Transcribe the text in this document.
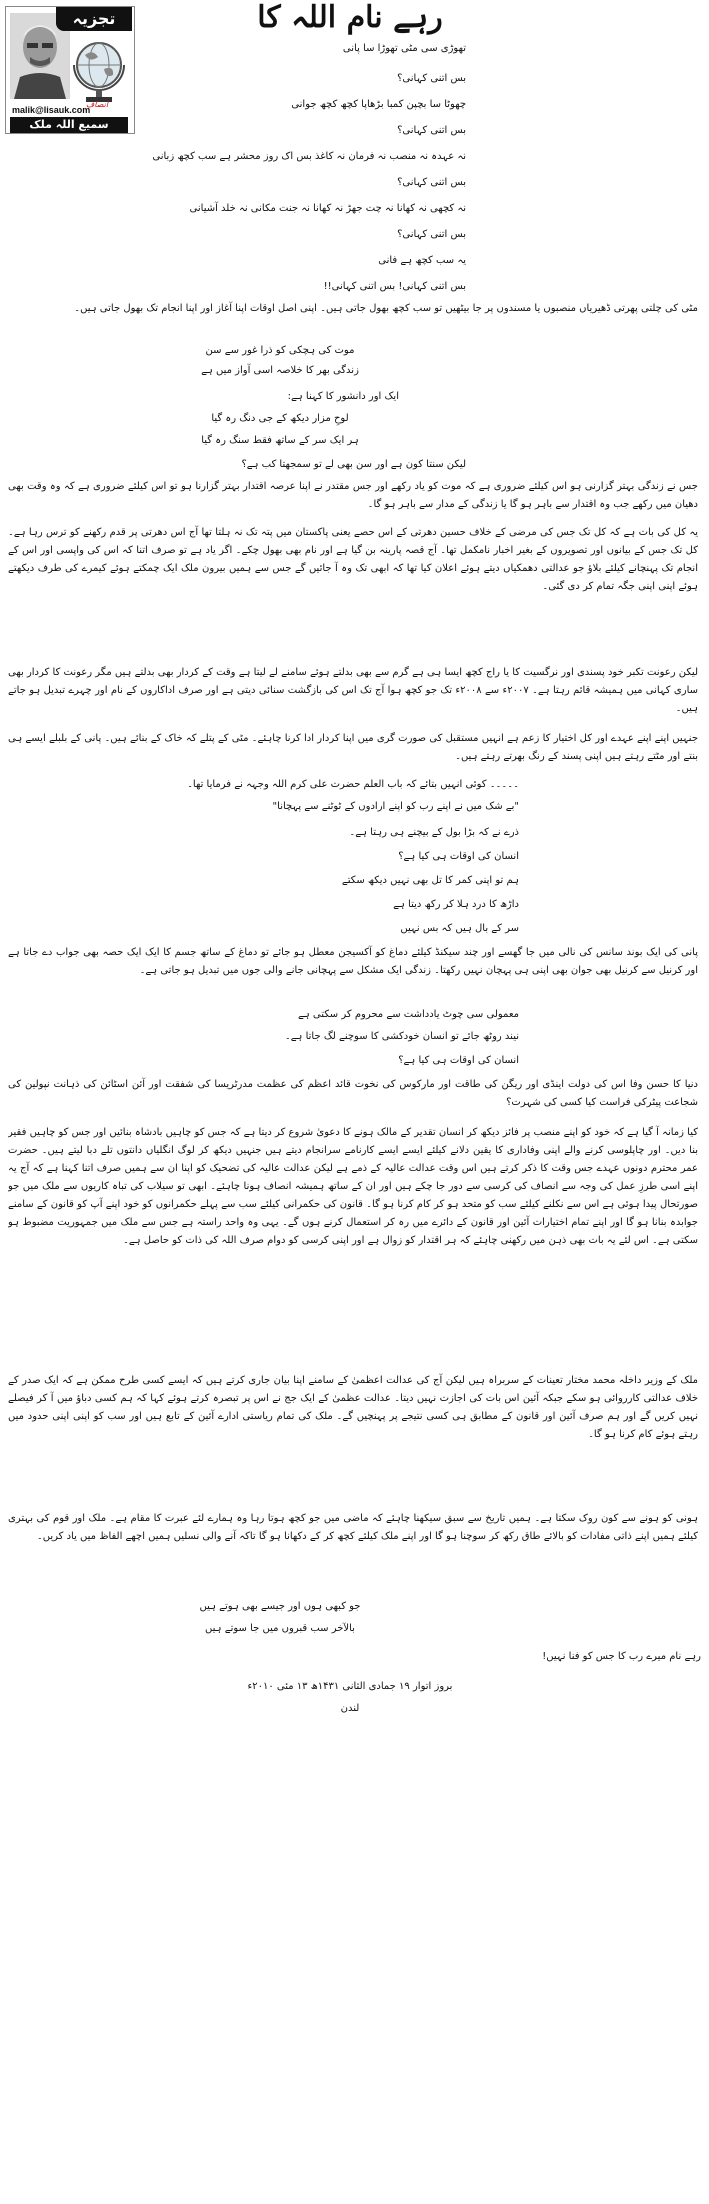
تجزیہ
انصاف
malik@lisauk.com
سمیع اللہ ملک
رہے نام اللہ کا
تھوڑی سی مٹی تھوڑا سا پانی
بس اتنی کہانی؟
چھوٹا سا بچپن کمبا بڑھاپا کچھ کچھ جوانی
بس اتنی کہانی؟
نہ عہدہ نہ منصب نہ فرمان نہ کاغذ بس اک روز محشر ہے سب کچھ زبانی
بس اتنی کہانی؟
نہ کچھی نہ کھانا نہ چت جھڑ نہ کھانا نہ جنت مکانی نہ خلد آشیانی
بس اتنی کہانی؟
یہ سب کچھ ہے فانی
بس اتنی کہانی! بس اتنی کہانی!!
مٹی کی چلتی پھرتی ڈھیریاں منصبوں یا مسندوں پر جا بیٹھیں تو سب کچھ بھول جاتی ہیں۔ اپنی اصل اوقات اپنا آغاز اور اپنا انجام تک بھول جاتی ہیں۔
موت کی ہچکی کو ذرا غور سے سن
زندگی بھر کا خلاصہ اسی آواز میں ہے
ایک اور دانشور کا کہنا ہے:
لوحِ مزار دیکھ کے جی دنگ رہ گیا
ہر ایک سر کے ساتھ فقط سنگ رہ گیا
لیکن سنتا کون ہے اور سن بھی لے تو سمجھتا کب ہے؟
جس نے زندگی بہتر گزارنی ہو اس کیلئے ضروری ہے کہ موت کو یاد رکھے اور جس مقتدر نے اپنا عرصہ اقتدار بہتر گزارنا ہو تو اس کیلئے ضروری ہے کہ وہ وقت بھی دھیان میں رکھے جب وہ اقتدار سے باہر ہو گا یا زندگی کے مدار سے باہر ہو گا۔
یہ کل کی بات ہے کہ کل تک جس کی مرضی کے خلاف حسین دھرتی کے اس حصے یعنی پاکستان میں پتہ تک نہ ہلتا تھا آج اس دھرتی پر قدم رکھنے کو ترس رہا ہے۔ کل تک جس کے بیانوں اور تصویروں کے بغیر اخبار نامکمل تھا۔ آج قصہ پارینہ بن گیا ہے اور نام بھی بھول چکے۔ اگر یاد ہے تو صرف اتنا کہ اس کی واپسی اور اس کے انجام تک پہنچانے کیلئے بلاؤ جو عدالتی دھمکیاں دیتے ہوئے اعلان کیا تھا کہ ابھی تک وہ آ جائیں گے جس سے ہمیں بیرون ملک ایک چمکتے ہوئے کیمرے کی طرف دیکھتے ہوئے اپنی اپنی جگہ تمام کر دی گئی۔
لیکن رعونت تکبر خود پسندی اور نرگسیت کا یا راج کچھ ایسا ہی ہے گرم سے بھی بدلتے ہوئے سامنے لے لیتا ہے وقت کے کردار بھی بدلتے ہیں مگر رعونت کا کردار بھی ساری کہانی میں ہمیشہ قائم رہتا ہے۔ ۲۰۰۷ء سے ۲۰۰۸ء تک جو کچھ ہوا آج تک اس کی بازگشت سنائی دیتی ہے اور صرف اداکاروں کے نام اور چہرے تبدیل ہو جاتے ہیں۔
جنہیں اپنے اپنے عہدے اور کل اختیار کا زعم ہے انہیں مستقبل کی صورت گری میں اپنا کردار ادا کرنا چاہئے۔ مٹی کے پتلے کہ خاک کے بنائے ہیں۔ پانی کے بلبلے ایسے ہی بنتے اور مٹتے رہتے ہیں اپنی پسند کے رنگ بھرتے رہتے ہیں۔
۔۔۔۔۔ کوئی انہیں بتائے کہ باب العلم حضرت علی کرم اللہ وجہہ نے فرمایا تھا۔
"بے شک میں نے اپنے رب کو اپنے ارادوں کے ٹوٹنے سے پہچانا"
ذرے نے کہ بڑا بول کے بیچنے ہی رہتا ہے۔
انسان کی اوقات ہی کیا ہے؟
ہم تو اپنی کمر کا تل بھی نہیں دیکھ سکتے
داڑھ کا درد ہلا کر رکھ دیتا ہے
سر کے بال ہیں کہ بس نہیں
پانی کی ایک بوند سانس کی نالی میں جا گھسے اور چند سیکنڈ کیلئے دماغ کو آکسیجن معطل ہو جائے تو دماغ کے ساتھ جسم کا ایک ایک حصہ بھی جواب دے جاتا ہے اور کرنیل سے کرنیل بھی جوان بھی اپنی ہی پہچان نہیں رکھتا۔ زندگی ایک مشکل سے پہچانی جانے والی جوں میں تبدیل ہو جاتی ہے۔
معمولی سی چوٹ یادداشت سے محروم کر سکتی ہے
نیند روٹھ جائے تو انسان خودکشی کا سوچنے لگ جاتا ہے۔
انسان کی اوقات ہی کیا ہے؟
دنیا کا حسن وفا اس کی دولت اینڈی اور ریگن کی طاقت اور مارکوس کی نخوت قائد اعظم کی عظمت مدرٹریسا کی شفقت اور آئن اسٹائن کی ذہانت نپولین کی شجاعت پیٹرکی فراست کیا کسی کی شہرت؟
کیا زمانہ آ گیا ہے کہ خود کو اپنے منصب پر فائز دیکھ کر انسان تقدیر کے مالک ہونے کا دعویٰ شروع کر دیتا ہے کہ جس کو چاہیں بادشاہ بنائیں اور جس کو چاہیں فقیر بنا دیں۔ اور چاپلوسی کرنے والے اپنی وفاداری کا یقین دلانے کیلئے ایسے ایسے کارنامے سرانجام دیتے ہیں جنہیں دیکھ کر لوگ انگلیاں دانتوں تلے دبا لیتے ہیں۔ حضرت عمر محترم دونوں عہدے جس وقت کا ذکر کرتے ہیں اس وقت عدالت عالیہ کے ذمے ہے لیکن عدالت عالیہ کی تضحیک کو اپنا ان سے ہمیں صرف اتنا کہنا ہے کہ آج یہ اپنے اسی طرزِ عمل کی وجہ سے انصاف کی کرسی سے دور جا چکے ہیں اور ان کے ساتھ ہمیشہ انصاف ہونا چاہئے۔ ابھی تو سیلاب کی تباہ کاریوں سے ملک میں جو صورتحال پیدا ہوئی ہے اس سے نکلنے کیلئے سب کو متحد ہو کر کام کرنا ہو گا۔ قانون کی حکمرانی کیلئے سب سے پہلے حکمرانوں کو خود اپنے آپ کو قانون کے سامنے جوابدہ بنانا ہو گا اور اپنے تمام اختیارات آئین اور قانون کے دائرے میں رہ کر استعمال کرنے ہوں گے۔ یہی وہ واحد راستہ ہے جس سے ملک میں جمہوریت مضبوط ہو سکتی ہے۔ اس لئے یہ بات بھی ذہن میں رکھنی چاہئے کہ ہر اقتدار کو زوال ہے اور اپنی کرسی کو دوام صرف اللہ کی ذات کو حاصل ہے۔
ملک کے وزیر داخلہ محمد مختار تعینات کے سربراہ ہیں لیکن آج کی عدالت اعظمیٰ کے سامنے اپنا بیان جاری کرتے ہیں کہ ایسے کسی طرح ممکن ہے کہ ایک صدر کے خلاف عدالتی کارروائی ہو سکے جبکہ آئین اس بات کی اجازت نہیں دیتا۔ عدالت عظمیٰ کے ایک جج نے اس پر تبصرہ کرتے ہوئے کہا کہ ہم کسی دباؤ میں آ کر فیصلے نہیں کریں گے اور ہم صرف آئین اور قانون کے مطابق ہی کسی نتیجے پر پہنچیں گے۔ ملک کی تمام ریاستی ادارے آئین کے تابع ہیں اور سب کو اپنی اپنی حدود میں رہتے ہوئے کام کرنا ہو گا۔
ہونی کو ہونے سے کون روک سکتا ہے۔ ہمیں تاریخ سے سبق سیکھنا چاہئے کہ ماضی میں جو کچھ ہوتا رہا وہ ہمارے لئے عبرت کا مقام ہے۔ ملک اور قوم کی بہتری کیلئے ہمیں اپنے ذاتی مفادات کو بالائے طاق رکھ کر سوچنا ہو گا اور اپنے ملک کیلئے کچھ کر کے دکھانا ہو گا تاکہ آنے والی نسلیں ہمیں اچھے الفاظ میں یاد کریں۔
جو کبھی ہوں اور جیسے بھی ہوتے ہیں
بالآخر سب قبروں میں جا سوتے ہیں
رہے نام میرے رب کا جس کو فنا نہیں!
بروز اتوار ۱۹ جمادی الثانی ۱۴۳۱ھ ۱۳ مئی ۲۰۱۰ء
لندن
